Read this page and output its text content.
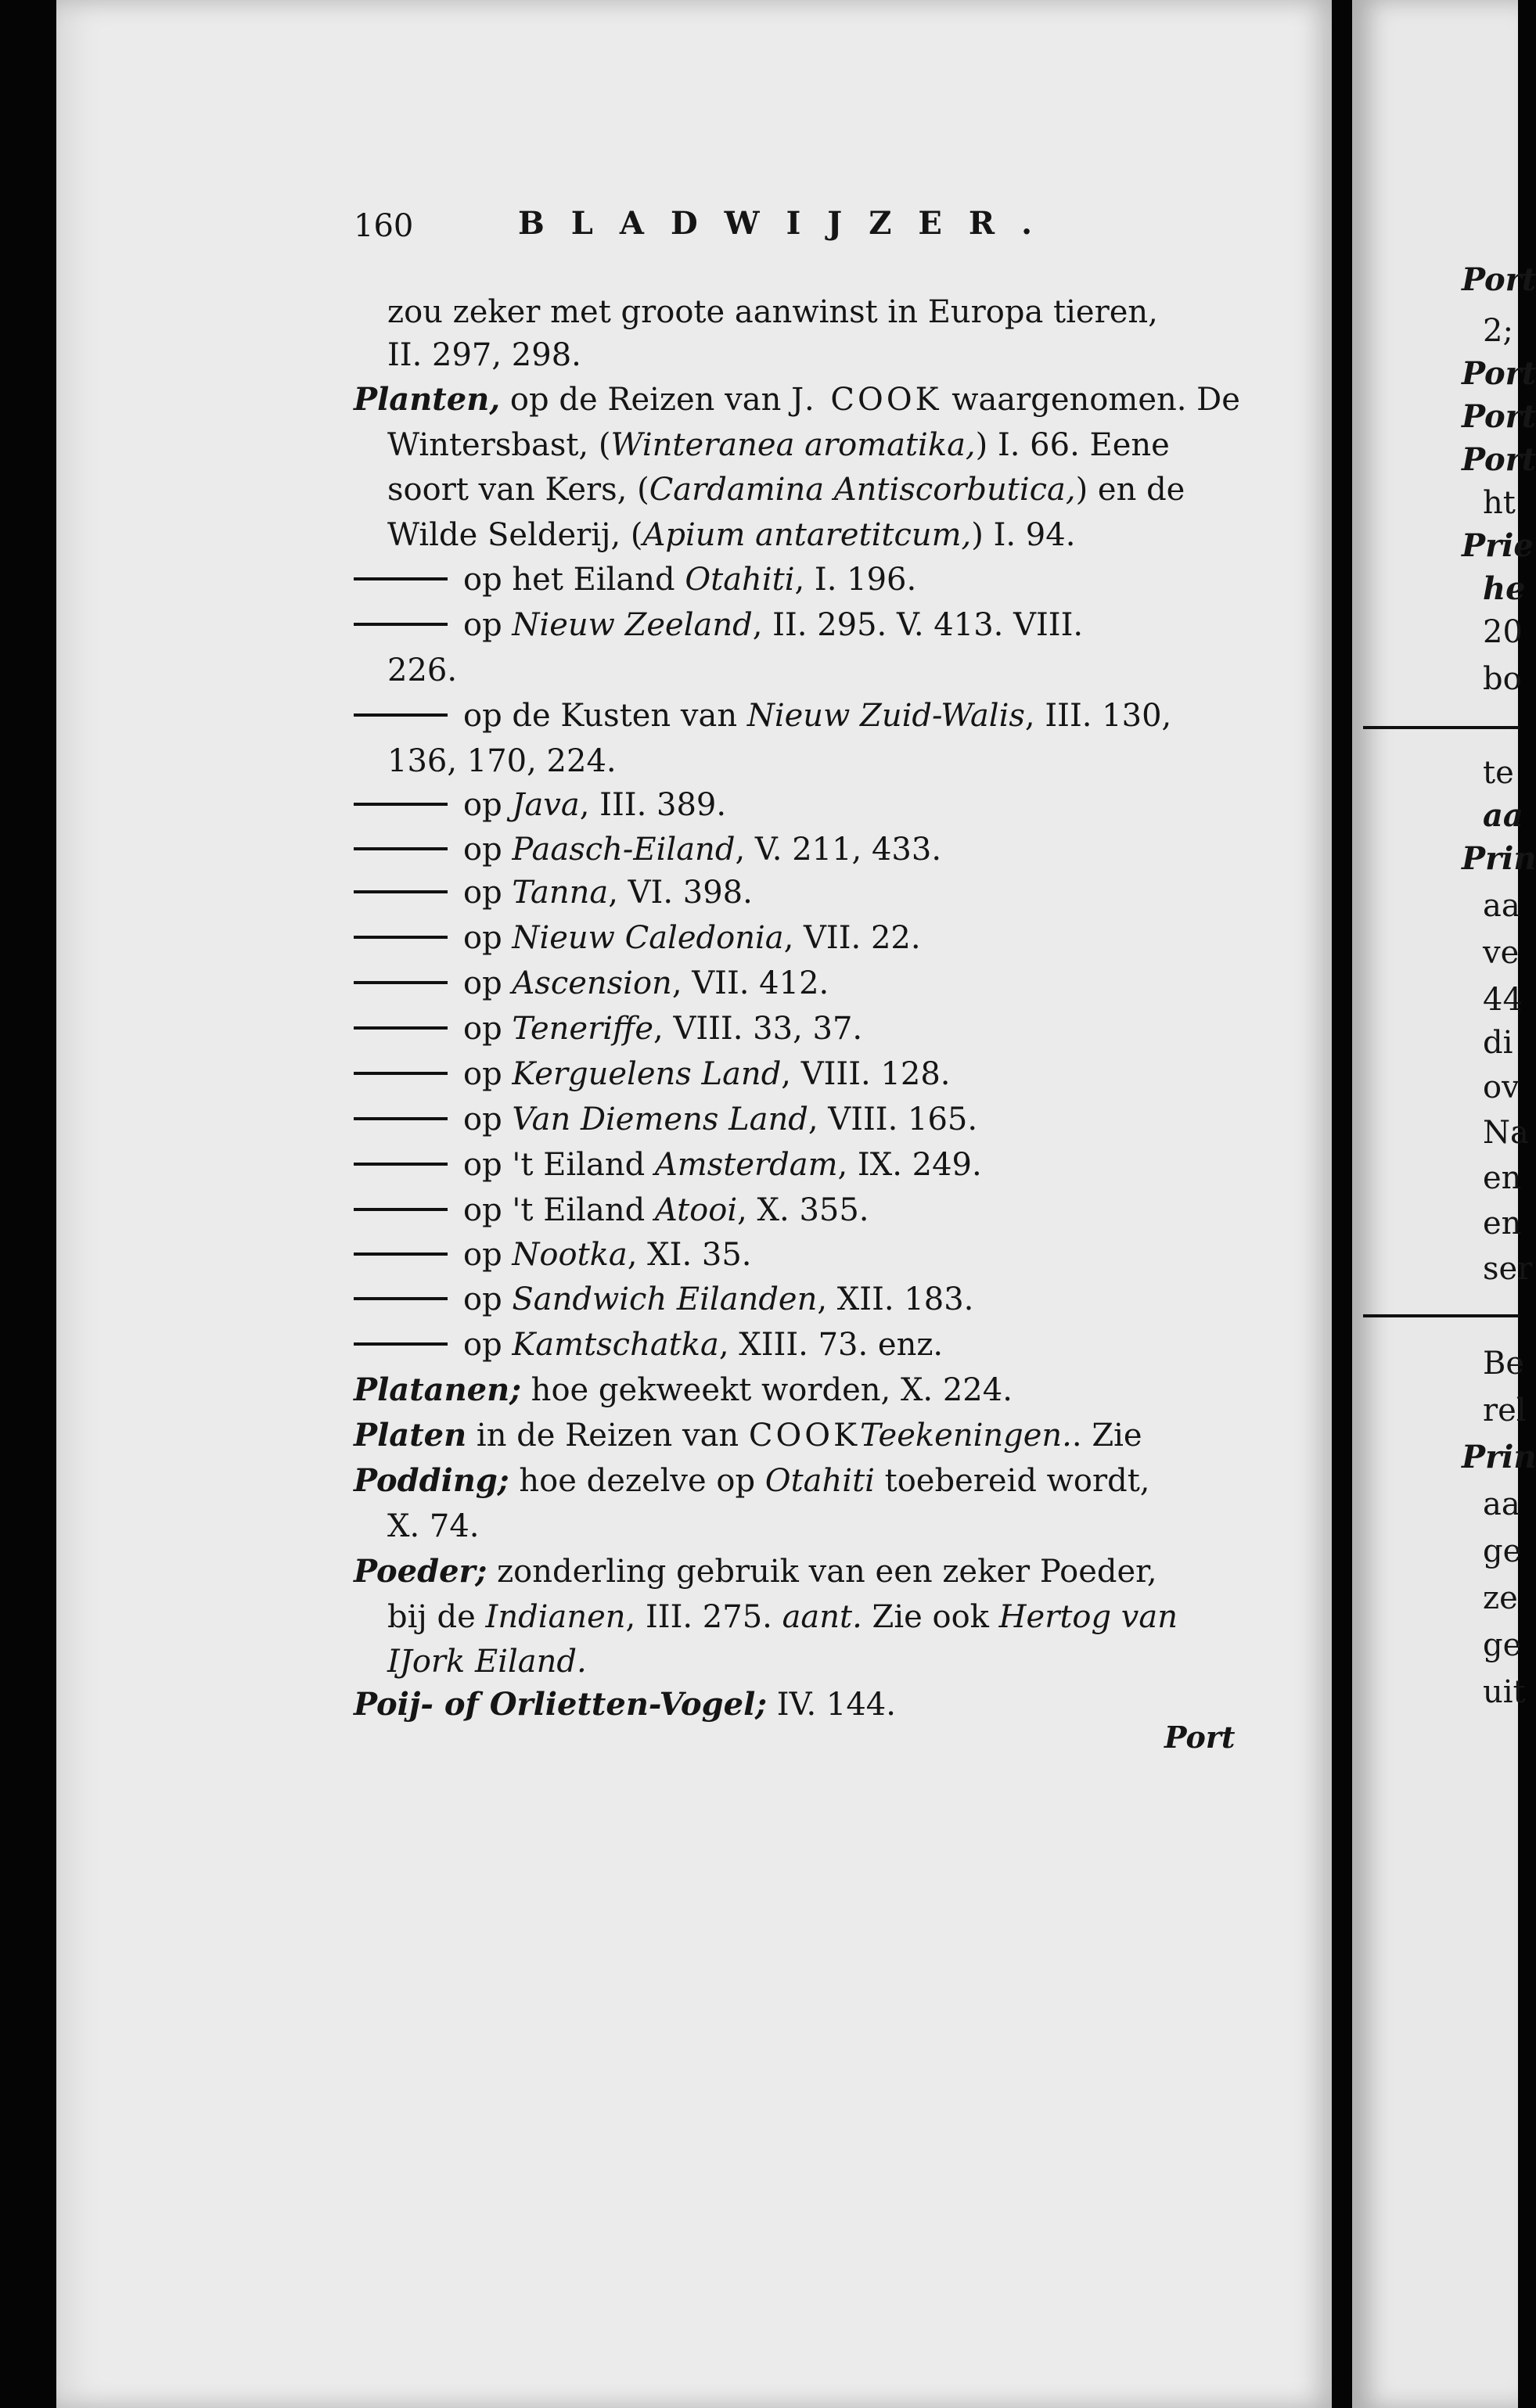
160	BLADWIJZER.
zou zeker met groote aanwinst in Europa tieren,
II. 297, 298.
Planten, op de Reizen van J. COOK waargenomen. De
Wintersbast, (Winteranea aromatika,) I. 66. Eene
soort van Kers, (Cardamina Antiscorbutica,) en de
Wilde Selderij, (Apium antaretitcum,) I. 94.
op het Eiland Otahiti, I. 196.
op Nieuw Zeeland, II. 295. V. 413. VIII.
226.
op de Kusten van Nieuw Zuid-Walis, III. 130,
136, 170, 224.
op Java, III. 389.
op Paasch-Eiland, V. 211, 433.
op Tanna, VI. 398.
op Nieuw Caledonia, VII. 22.
op Ascension, VII. 412.
op Teneriffe, VIII. 33, 37.
op Kerguelens Land, VIII. 128.
op Van Diemens Land, VIII. 165.
op 't Eiland Amsterdam, IX. 249.
op 't Eiland Atooi, X. 355.
op Nootka, XI. 35.
op Sandwich Eilanden, XII. 183.
op Kamtschatka, XIII. 73. enz.
Platanen; hoe gekweekt worden, X. 224.
Platen in de Reizen van COOKTeekeningen.. Zie
Podding; hoe dezelve op Otahiti toebereid wordt,
X. 74.
Poeder; zonderling gebruik van een zeker Poeder,
bij de Indianen, III. 275. aant. Zie ook Hertog van
IJork Eiland.
Poij- of Orlietten-Vogel; IV. 144.
Port
Port
2;
Port
Port
Port
ht
Prie
he
20
bo
te
aa
Prin
aa
ve
44
di
ov
Na
en
en
ser
Be
rel
Prin
aa
ge
ze
ge
uit
